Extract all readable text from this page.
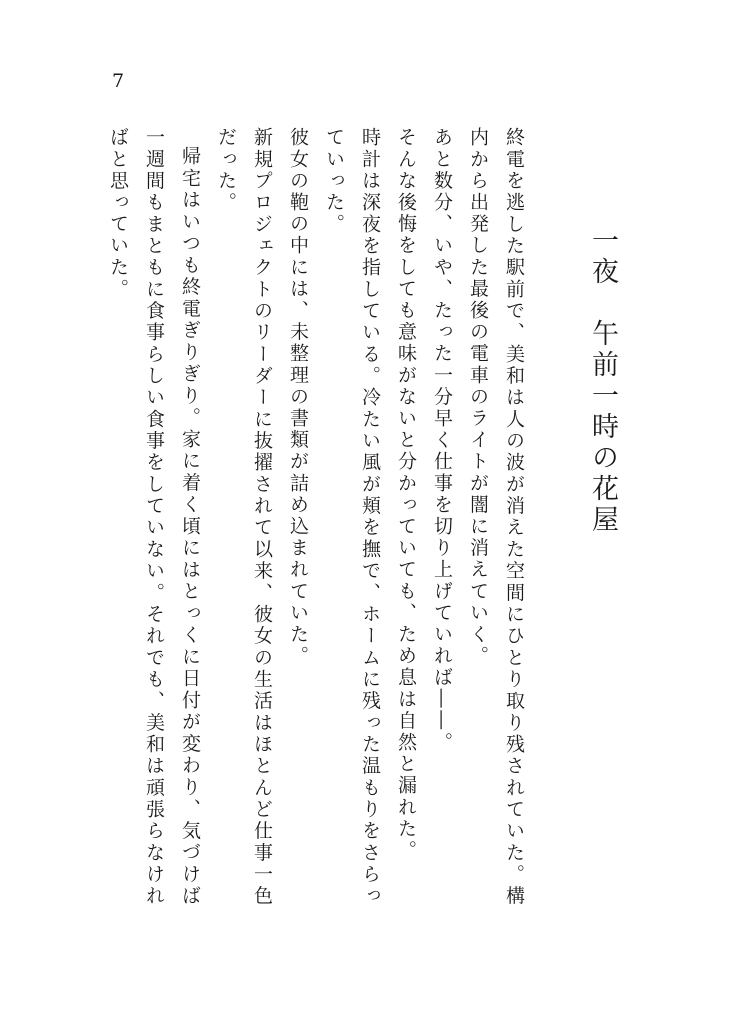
7
一夜　午前一時の花屋

終電を逃した駅前で、美和は人の波が消えた空間にひとり取り残されていた。構内から出発した最後の電車のライトが闇に消えていく。

あと数分、いや、たった一分早く仕事を切り上げていれば――。

そんな後悔をしても意味がないと分かっていても、ため息は自然と漏れた。

時計は深夜を指している。冷たい風が頬を撫で、ホームに残った温もりをさらっていった。

彼女の鞄の中には、未整理の書類が詰め込まれていた。

新規プロジェクトのリーダーに抜擢されて以来、彼女の生活はほとんど仕事一色だった。

帰宅はいつも終電ぎりぎり。家に着く頃にはとっくに日付が変わり、気づけば一週間もまともに食事らしい食事をしていない。それでも、美和は頑張らなければと思っていた。
